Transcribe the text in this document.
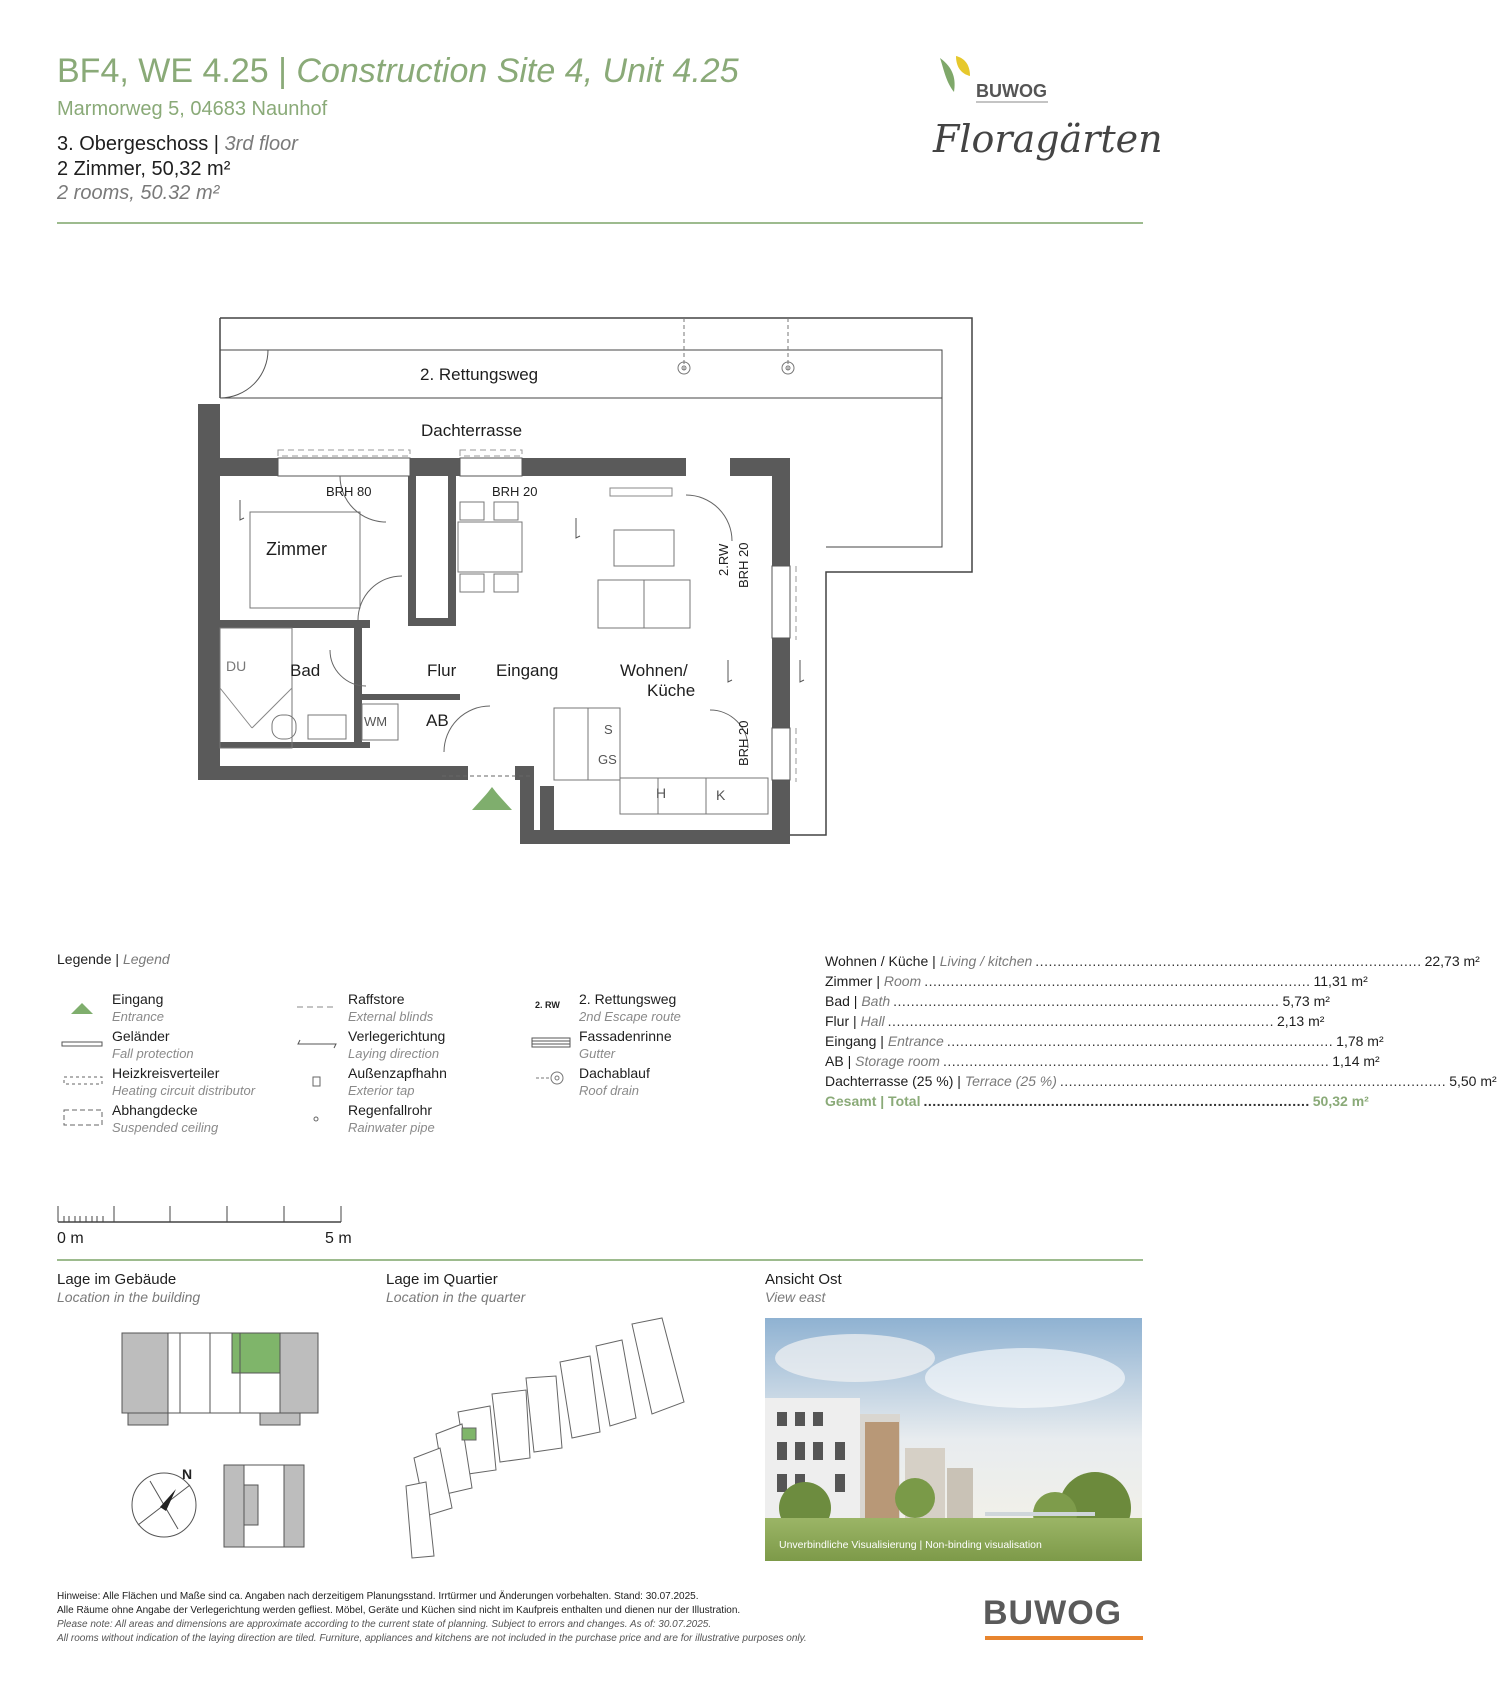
BF4, WE 4.25 | Construction Site 4, Unit 4.25
Marmorweg 5, 04683 Naunhof
3. Obergeschoss | 3rd floor
2 Zimmer, 50,32 m²
2 rooms, 50.32 m²
BUWOG
Floragärten
2. Rettungsweg
Dachterrasse
Zimmer
DU	Bad	Flur Eingang	Wohnen/
Küche
WM AB	S
GS
H	K
BRH 80	BRH 20
BRH 20
2.RW
BRH 20
Legende | Legend
Eingang
Entrance
Geländer
Fall protection
Heizkreisverteiler
Heating circuit distributor
Abhangdecke
Suspended ceiling
Raffstore
External blinds
Verlegerichtung
Laying direction
Außenzapfhahn
Exterior tap
Regenfallrohr
Rainwater pipe
2. RW 2. Rettungsweg
2nd Escape route
Fassadenrinne
Gutter
Dachablauf
Roof drain
Wohnen / Küche | Living / kitchen .....	22,73 m²
Zimmer | Room .....	11,31 m²
Bad | Bath .....	5,73 m²
Flur | Hall .....	2,13 m²
Eingang | Entrance .....	1,78 m²
AB | Storage room .....	1,14 m²
Dachterrasse (25 %) | Terrace (25 %) .....	5,50 m²
Gesamt | Total .....	50,32 m²
0 m	5 m
Lage im Gebäude
Location in the building
N
Lage im Quartier
Location in the quarter
Ansicht Ost
View east
Unverbindliche Visualisierung | Non-binding visualisation
Hinweise: Alle Flächen und Maße sind ca. Angaben nach derzeitigem Planungsstand. Irrtürmer und Änderungen vorbehalten. Stand: 30.07.2025.
Alle Räume ohne Angabe der Verlegerichtung werden gefliest. Möbel, Geräte und Küchen sind nicht im Kaufpreis enthalten und dienen nur der Illustration.
Please note: All areas and dimensions are approximate according to the current state of planning. Subject to errors and changes. As of: 30.07.2025.
All rooms without indication of the laying direction are tiled. Furniture, appliances and kitchens are not included in the purchase price and are for illustrative purposes only.
BUWOG
